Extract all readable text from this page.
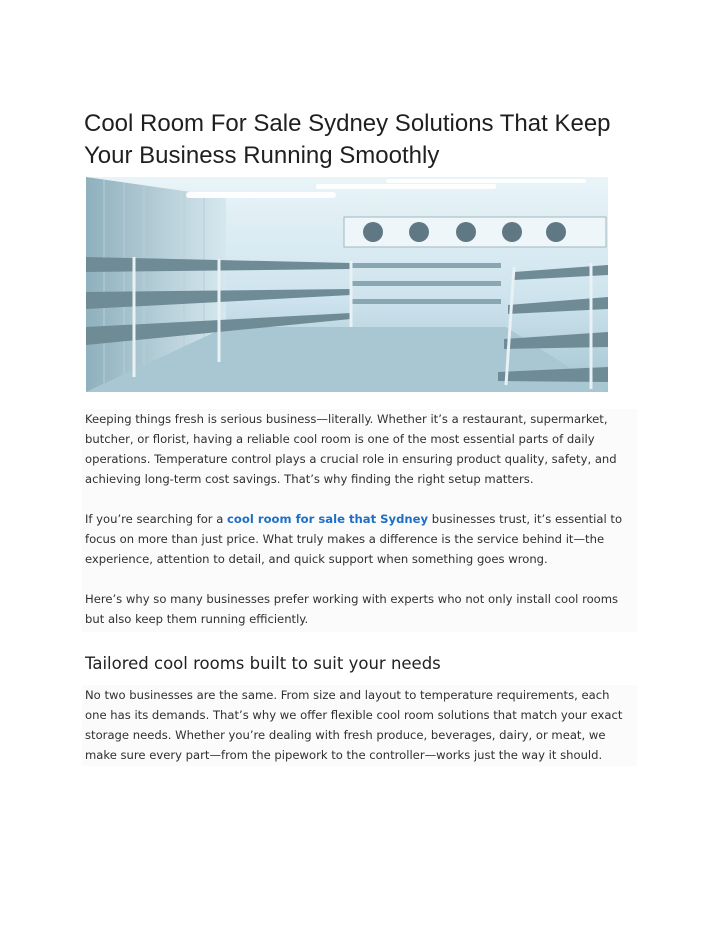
Cool Room For Sale Sydney Solutions That Keep Your Business Running Smoothly

Keeping things fresh is serious business—literally. Whether it’s a restaurant, supermarket, butcher, or florist, having a reliable cool room is one of the most essential parts of daily operations. Temperature control plays a crucial role in ensuring product quality, safety, and achieving long-term cost savings. That’s why finding the right setup matters.

If you’re searching for a cool room for sale that Sydney businesses trust, it’s essential to focus on more than just price. What truly makes a difference is the service behind it—the experience, attention to detail, and quick support when something goes wrong.

Here’s why so many businesses prefer working with experts who not only install cool rooms but also keep them running efficiently.

Tailored cool rooms built to suit your needs

No two businesses are the same. From size and layout to temperature requirements, each one has its demands. That’s why we offer flexible cool room solutions that match your exact storage needs. Whether you’re dealing with fresh produce, beverages, dairy, or meat, we make sure every part—from the pipework to the controller—works just the way it should.
